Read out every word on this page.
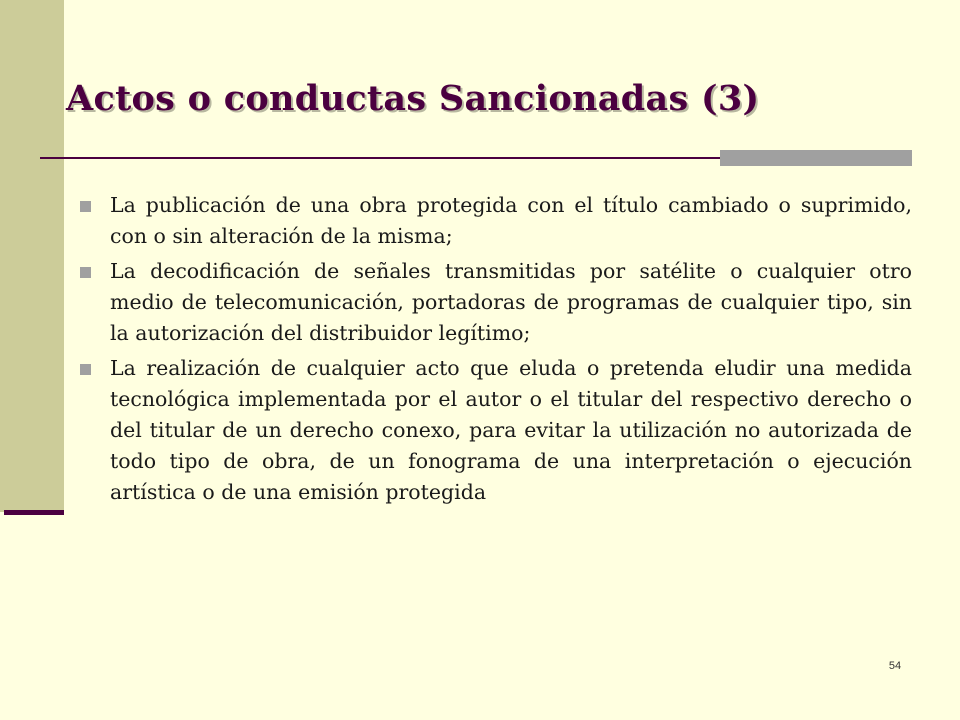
Actos o conductas Sancionadas (3)
La publicación de una obra protegida con el título cambiado o suprimido, con o sin alteración de la misma;
La decodificación de señales transmitidas por satélite o cualquier otro medio de telecomunicación, portadoras de programas de cualquier tipo, sin la autorización del distribuidor legítimo;
La realización de cualquier acto que eluda o pretenda eludir una medida tecnológica implementada por el autor o el titular del respectivo derecho o del titular de un derecho conexo, para evitar la utilización no autorizada de todo tipo de obra, de un fonograma de una interpretación o ejecución artística o de una emisión protegida
54
